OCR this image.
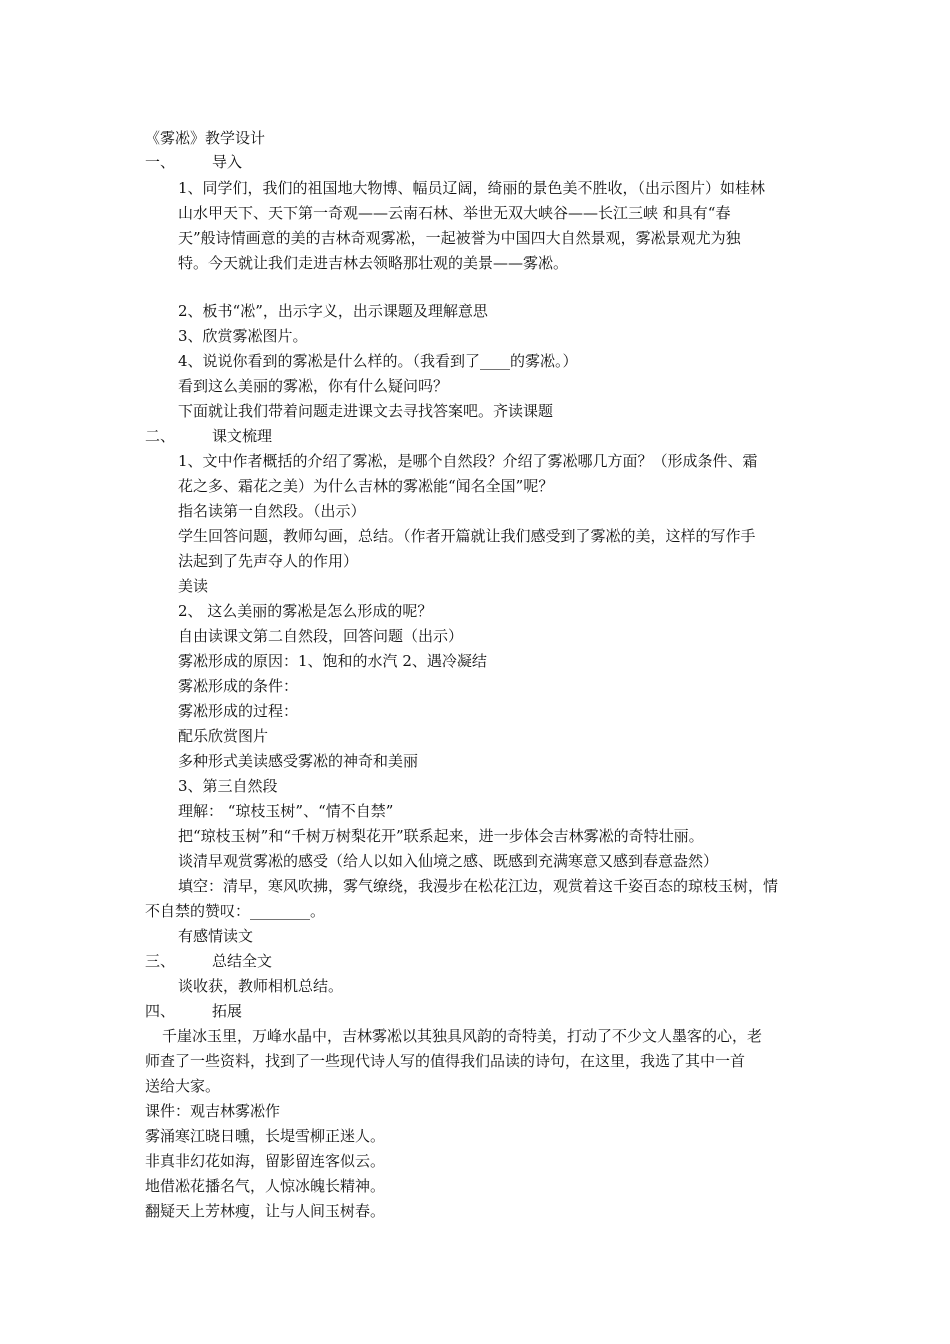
《雾凇》教学设计
一、 导入
1、同学们，我们的祖国地大物博、幅员辽阔，绮丽的景色美不胜收，（出示图片）如桂林
山水甲天下、天下第一奇观——云南石林、举世无双大峡谷——长江三峡 和具有“春
天”般诗情画意的美的吉林奇观雾凇，一起被誉为中国四大自然景观，雾凇景观尤为独
特。今天就让我们走进吉林去领略那壮观的美景——雾凇。
2、板书“凇”，出示字义，出示课题及理解意思
3、欣赏雾凇图片。
4、说说你看到的雾凇是什么样的。（我看到了____的雾凇。）
看到这么美丽的雾凇，你有什么疑问吗？
下面就让我们带着问题走进课文去寻找答案吧。齐读课题
二、 课文梳理
1、文中作者概括的介绍了雾凇，是哪个自然段？介绍了雾凇哪几方面？（形成条件、霜
花之多、霜花之美）为什么吉林的雾凇能“闻名全国”呢？
指名读第一自然段。（出示）
学生回答问题，教师勾画，总结。（作者开篇就让我们感受到了雾凇的美，这样的写作手
法起到了先声夺人的作用）
美读
2、 这么美丽的雾凇是怎么形成的呢？
自由读课文第二自然段，回答问题（出示）
雾凇形成的原因：1、饱和的水汽 2、遇冷凝结
雾凇形成的条件：
雾凇形成的过程：
配乐欣赏图片
多种形式美读感受雾凇的神奇和美丽
3、第三自然段
理解： “琼枝玉树”、“情不自禁”
把“琼枝玉树”和“千树万树梨花开”联系起来，进一步体会吉林雾凇的奇特壮丽。
谈清早观赏雾凇的感受（给人以如入仙境之感、既感到充满寒意又感到春意盎然）
填空：清早，寒风吹拂，雾气缭绕，我漫步在松花江边，观赏着这千姿百态的琼枝玉树，情
不自禁的赞叹：________。
有感情读文
三、 总结全文
谈收获，教师相机总结。
四、 拓展
千崖冰玉里，万峰水晶中，吉林雾凇以其独具风韵的奇特美，打动了不少文人墨客的心，老
师查了一些资料，找到了一些现代诗人写的值得我们品读的诗句，在这里，我选了其中一首
送给大家。
课件：观吉林雾凇作
雾涌寒江晓日曛，长堤雪柳正迷人。
非真非幻花如海，留影留连客似云。
地借凇花播名气，人惊冰魄长精神。
翻疑天上芳林瘦，让与人间玉树春。
